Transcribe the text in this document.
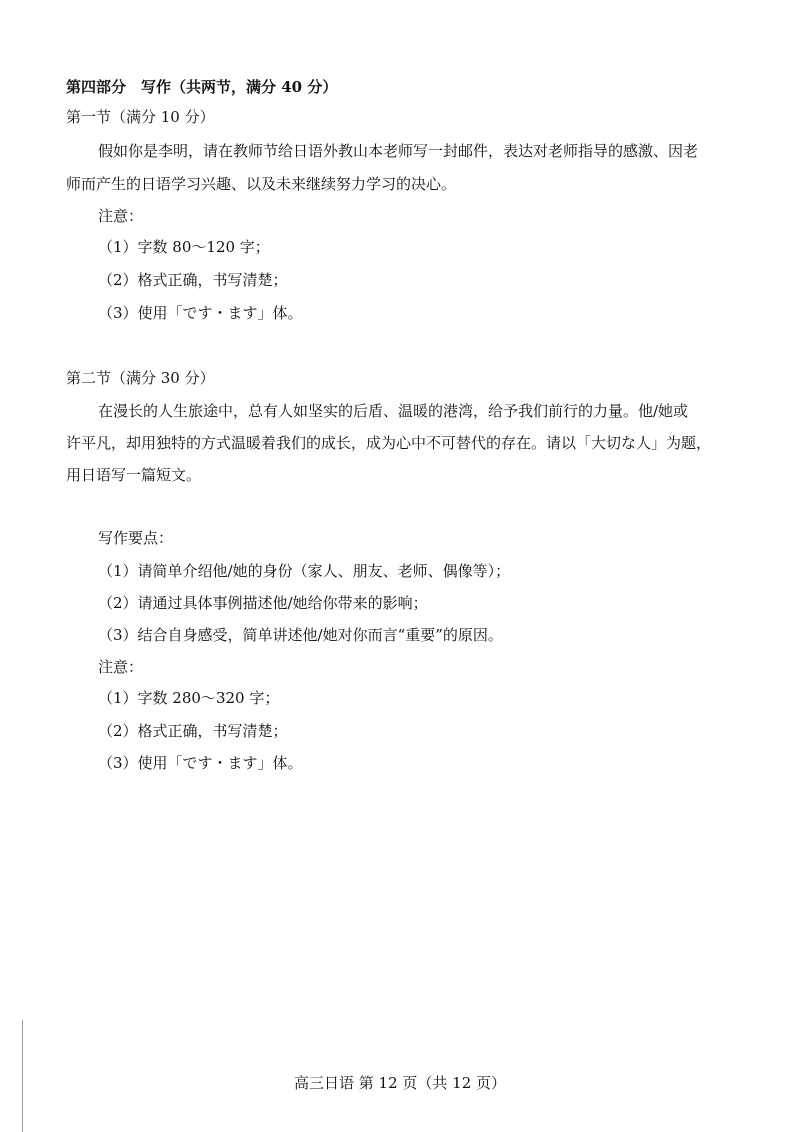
第四部分　写作（共两节，满分 40 分）
第一节（满分 10 分）
假如你是李明，请在教师节给日语外教山本老师写一封邮件，表达对老师指导的感激、因老
师而产生的日语学习兴趣、以及未来继续努力学习的决心。
注意：
（1）字数 80～120 字；
（2）格式正确，书写清楚；
（3）使用「です・ます」体。
第二节（满分 30 分）
在漫长的人生旅途中，总有人如坚实的后盾、温暖的港湾，给予我们前行的力量。他/她或
许平凡，却用独特的方式温暖着我们的成长，成为心中不可替代的存在。请以「大切な人」为题，
用日语写一篇短文。
写作要点：
（1）请简单介绍他/她的身份（家人、朋友、老师、偶像等）；
（2）请通过具体事例描述他/她给你带来的影响；
（3）结合自身感受，简单讲述他/她对你而言“重要”的原因。
注意：
（1）字数 280～320 字；
（2）格式正确，书写清楚；
（3）使用「です・ます」体。
高三日语 第 12 页（共 12 页）
